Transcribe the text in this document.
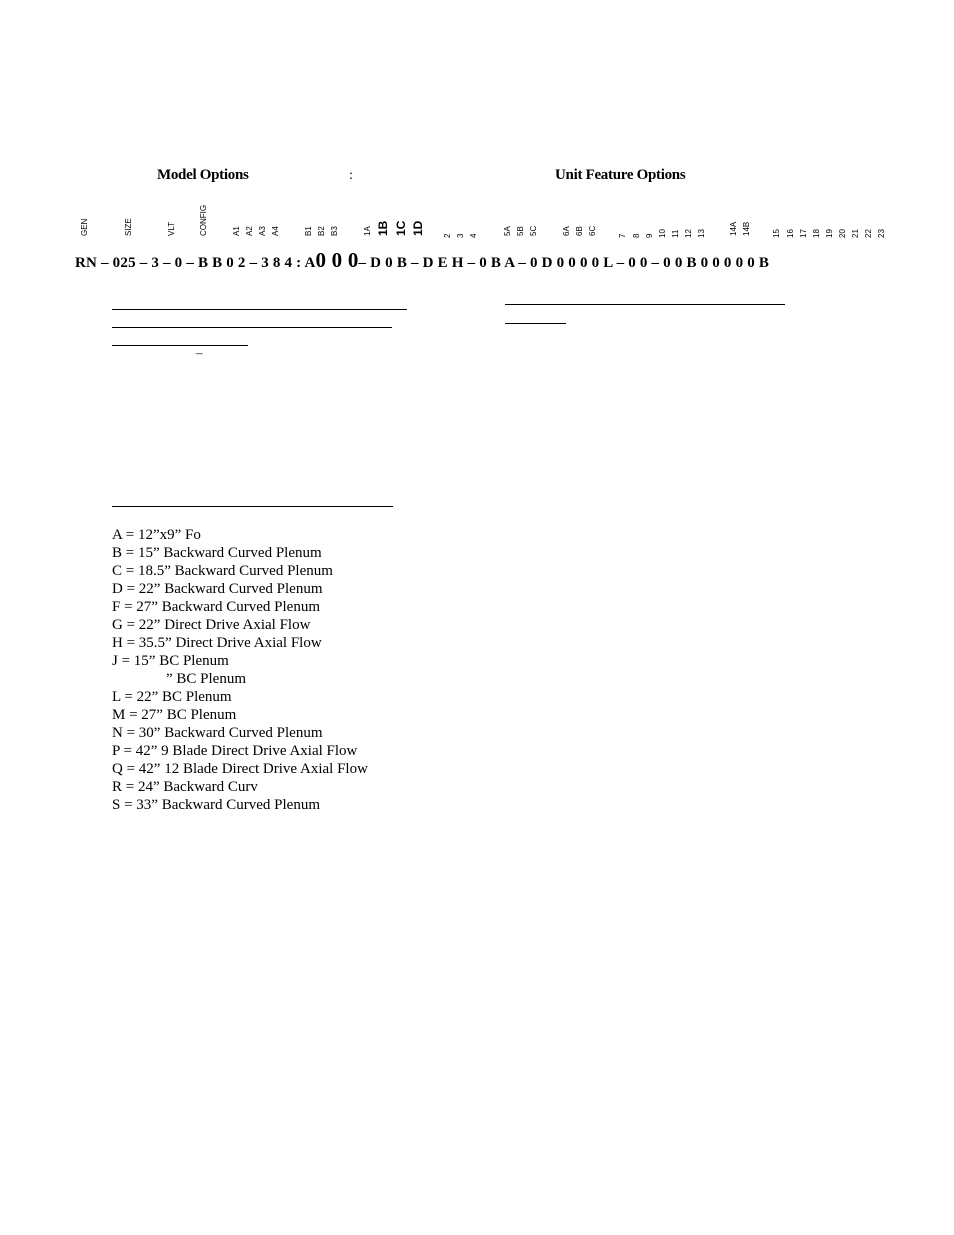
Model Options	:	Unit Feature Options
GEN	SIZE	VLT	CONFIG	A1 A2 A3 A4	B1 B2 B3	1A 1B 1C 1D 2 3 4	5A 5B 5C	6A 6B 6C	7 8 9 10 11 12 13	14A 14B	15 16 17 18 19 20 21 22 23
RN – 025 – 3 – 0 – B B 0 2 – 3 8 4 : A0 0 0– D 0 B – D E H – 0 B A – 0 D 0 0 0 0 L – 0 0 – 0 0 B 0 0 0 0 0 B
–
A = 12”x9” Fo
B = 15” Backward Curved Plenum
C = 18.5” Backward Curved Plenum
D = 22” Backward Curved Plenum
F = 27” Backward Curved Plenum
G = 22” Direct Drive Axial Flow
H = 35.5” Direct Drive Axial Flow
J = 15” BC Plenum
” BC Plenum
L = 22” BC Plenum
M = 27” BC Plenum
N = 30” Backward Curved Plenum
P = 42” 9 Blade Direct Drive Axial Flow
Q = 42” 12 Blade Direct Drive Axial Flow
R = 24” Backward Curv
S = 33” Backward Curved Plenum
